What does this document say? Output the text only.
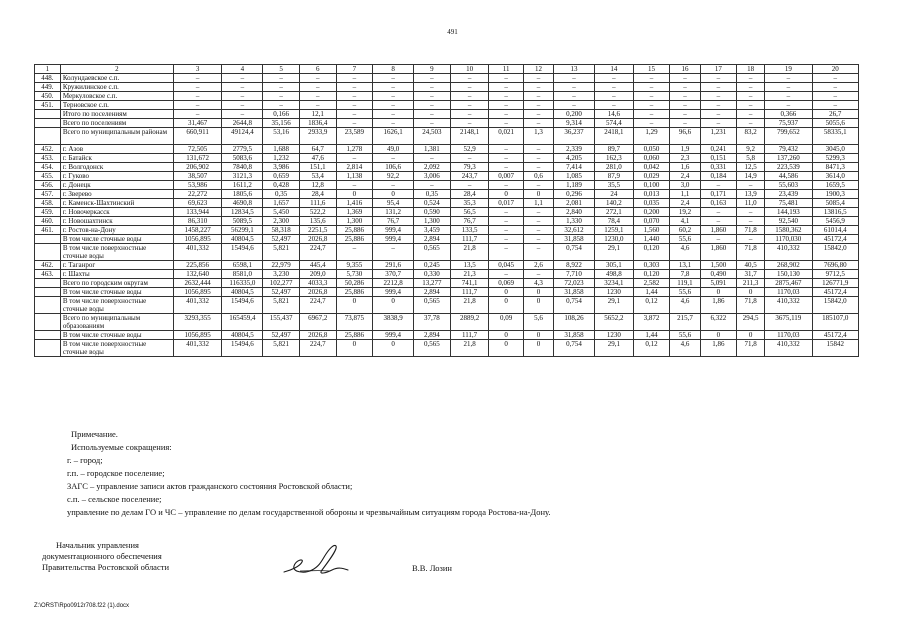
491
1	2	3	4	5	6	7	8	9	10	11	12	13	14	15	16	17	18	19	20
448.	Колундаевское с.п.	–	–	–	–	–	–	–	–	–	–	–	–	–	–	–	–	–	–
449.	Кружилинское с.п.	–	–	–	–	–	–	–	–	–	–	–	–	–	–	–	–	–	–
450.	Меркуловское с.п.	–	–	–	–	–	–	–	–	–	–	–	–	–	–	–	–	–	–
451.	Терновское с.п.	–	–	–	–	–	–	–	–	–	–	–	–	–	–	–	–	–	–
	Итого по поселениям	–	–	0,166	12,1	–	–	–	–	–	–	0,200	14,6	–	–	–	–	0,366	26,7
	Всего по поселениям	31,467	2644,8	35,156	1836,4	–	–	–	–	–	–	9,314	574,4	–	–	–	–	75,937	5055,6
	Всего по муниципальным районам	660,911	49124,4	53,16	2933,9	23,589	1626,1	24,503	2148,1	0,021	1,3	36,237	2418,1	1,29	96,6	1,231	83,2	799,652	58335,1
452.	г. Азов	72,505	2779,5	1,688	64,7	1,278	49,0	1,381	52,9	–	–	2,339	89,7	0,050	1,9	0,241	9,2	79,432	3045,0
453.	г. Батайск	131,672	5083,6	1,232	47,6	–	–	–	–	–	–	4,205	162,3	0,060	2,3	0,151	5,8	137,260	5299,3
454.	г. Волгодонск	206,902	7840,8	3,986	151,1	2,814	106,6	2,092	79,3	–	–	7,414	281,0	0,042	1,6	0,331	12,5	223,539	8471,3
455.	г. Гуково	38,507	3121,3	0,659	53,4	1,138	92,2	3,006	243,7	0,007	0,6	1,085	87,9	0,029	2,4	0,184	14,9	44,586	3614,0
456.	г. Донецк	53,986	1611,2	0,428	12,8	–	–	–	–	–	–	1,189	35,5	0,100	3,0	–	–	55,603	1659,5
457.	г. Зверево	22,272	1805,6	0,35	28,4	0	0	0,35	28,4	0	0	0,296	24	0,013	1,1	0,171	13,9	23,439	1900,3
458.	г. Каменск-Шахтинский	69,623	4690,8	1,657	111,6	1,416	95,4	0,524	35,3	0,017	1,1	2,081	140,2	0,035	2,4	0,163	11,0	75,481	5085,4
459.	г. Новочеркасск	133,944	12834,5	5,450	522,2	1,369	131,2	0,590	56,5	–	–	2,840	272,1	0,200	19,2	–	–	144,193	13816,5
460.	г. Новошахтинск	86,310	5089,5	2,300	135,6	1,300	76,7	1,300	76,7	–	–	1,330	78,4	0,070	4,1	–	–	92,540	5456,9
461.	г. Ростов-на-Дону	1458,227	56299,1	58,318	2251,5	25,886	999,4	3,459	133,5	–	–	32,612	1259,1	1,560	60,2	1,860	71,8	1580,362	61014,4
	В том числе сточные воды	1056,895	40804,5	52,497	2026,8	25,886	999,4	2,894	111,7	–	–	31,858	1230,0	1,440	55,6	–	–	1170,030	45172,4
	В том числе поверхностные сточные воды	401,332	15494,6	5,821	224,7	–	–	0,565	21,8	–	–	0,754	29,1	0,120	4,6	1,860	71,8	410,332	15842,0
462.	г. Таганрог	225,856	6598,1	22,979	445,4	9,355	291,6	0,245	13,5	0,045	2,6	8,922	305,1	0,303	13,1	1,500	40,5	268,902	7696,80
463.	г. Шахты	132,640	8581,0	3,230	209,0	5,730	370,7	0,330	21,3	–	–	7,710	498,8	0,120	7,8	0,490	31,7	150,130	9712,5
	Всего по городским округам	2632,444	116335,0	102,277	4033,3	50,286	2212,8	13,277	741,1	0,069	4,3	72,023	3234,1	2,582	119,1	5,091	211,3	2875,467	126771,9
	В том числе сточные воды	1056,895	40804,5	52,497	2026,8	25,886	999,4	2,894	111,7	0	0	31,858	1230	1,44	55,6	0	0	1170,03	45172,4
	В том числе поверхностные сточные воды	401,332	15494,6	5,821	224,7	0	0	0,565	21,8	0	0	0,754	29,1	0,12	4,6	1,86	71,8	410,332	15842,0
	Всего по муниципальным образованиям	3293,355	165459,4	155,437	6967,2	73,875	3838,9	37,78	2889,2	0,09	5,6	108,26	5652,2	3,872	215,7	6,322	294,5	3675,119	185107,0
	В том числе сточные воды	1056,895	40804,5	52,497	2026,8	25,886	999,4	2,894	111,7	0	0	31,858	1230	1,44	55,6	0	0	1170,03	45172,4
	В том числе поверхностные сточные воды	401,332	15494,6	5,821	224,7	0	0	0,565	21,8	0	0	0,754	29,1	0,12	4,6	1,86	71,8	410,332	15842
Примечание.
Используемые сокращения:
г. – город;
г.п. – городское поселение;
ЗАГС – управление записи актов гражданского состояния Ростовской области;
с.п. – сельское поселение;
управление по делам ГО и ЧС – управление по делам государственной обороны и чрезвычайным ситуациям города Ростова-на-Дону.
Начальник управления
документационного обеспечения
Правительства Ростовской области	В.В. Лозин
Z:\ORST\Rpo0912r708.f22 (1).docx
